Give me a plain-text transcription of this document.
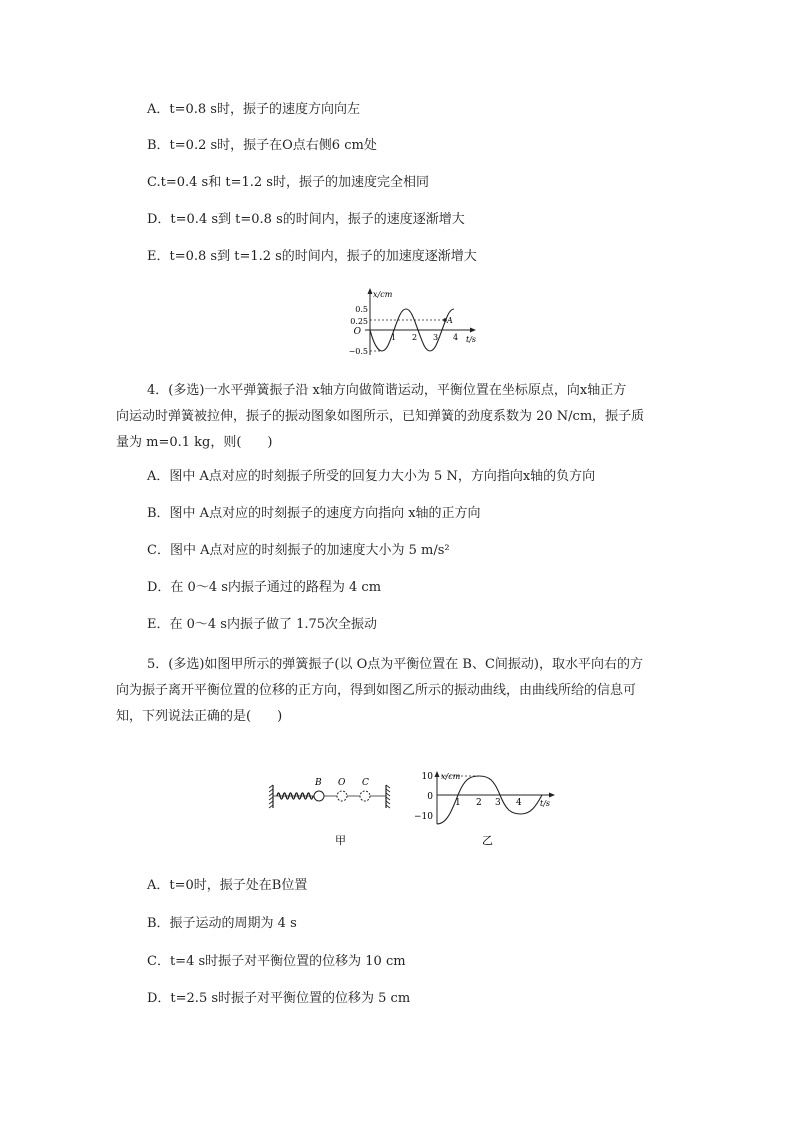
A．t=0.8 s时，振子的速度方向向左
B．t=0.2 s时，振子在O点右侧6 cm处
C.t=0.4 s和 t=1.2 s时，振子的加速度完全相同
D．t=0.4 s到 t=0.8 s的时间内，振子的速度逐渐增大
E．t=0.8 s到 t=1.2 s的时间内，振子的加速度逐渐增大
x/cm
t/s
O
0.5
0.25
−0.5
A
1 2 3 4

4．(多选)一水平弹簧振子沿 x轴方向做简谐运动，平衡位置在坐标原点，向x轴正方

向运动时弹簧被拉伸，振子的振动图象如图所示，已知弹簧的劲度系数为 20 N/cm，振子质

量为 m=0.1 kg，则(　　)

A．图中 A点对应的时刻振子所受的回复力大小为 5 N，方向指向x轴的负方向
B．图中 A点对应的时刻振子的速度方向指向 x轴的正方向
C．图中 A点对应的时刻振子的加速度大小为 5 m/s²
D．在 0～4 s内振子通过的路程为 4 cm
E．在 0～4 s内振子做了 1.75次全振动

5．(多选)如图甲所示的弹簧振子(以 O点为平衡位置在 B、C间振动)，取水平向右的方

向为振子离开平衡位置的位移的正方向，得到如图乙所示的振动曲线，由曲线所给的信息可

知，下列说法正确的是(　　)

B O C
甲
x/cm
t/s
10
0
−10
1 2 3 4
乙
A．t=0时，振子处在B位置
B．振子运动的周期为 4 s
C．t=4 s时振子对平衡位置的位移为 10 cm
D．t=2.5 s时振子对平衡位置的位移为 5 cm
